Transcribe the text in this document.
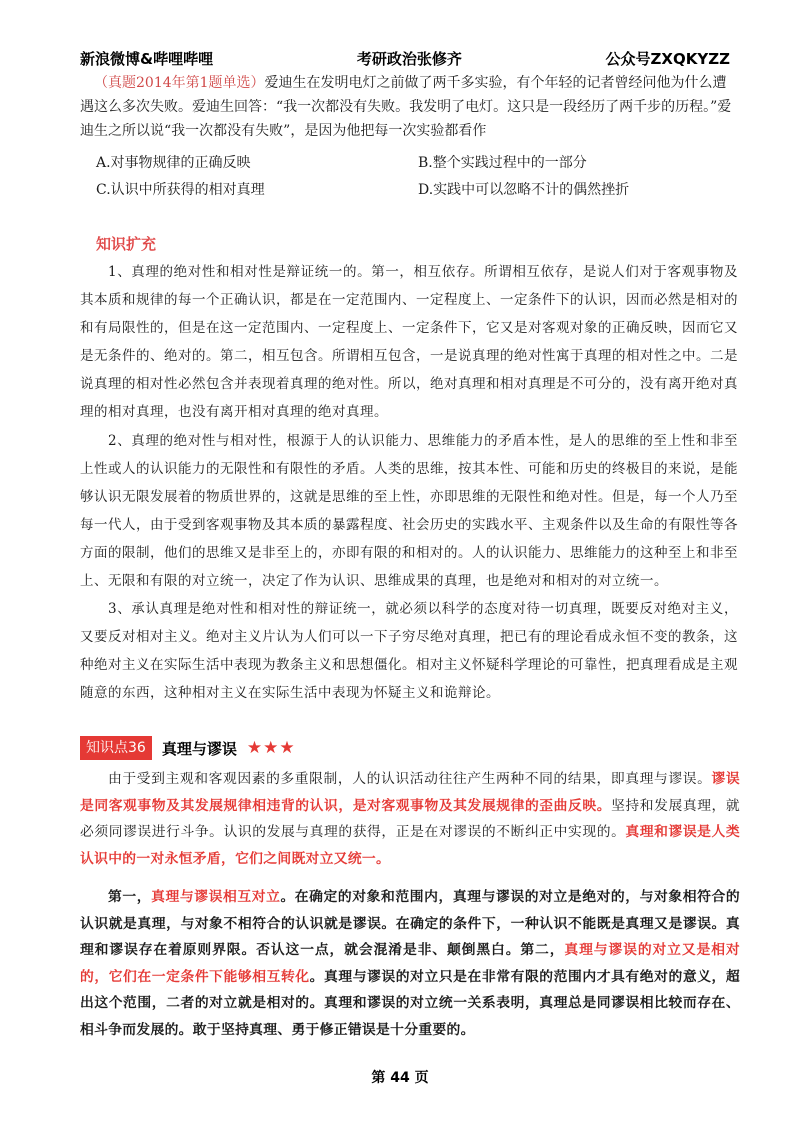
新浪微博&哔哩哔哩	考研政治张修齐	公众号ZXQKYZZ
（真题2014年第1题单选）爱迪生在发明电灯之前做了两千多实验，有个年轻的记者曾经问他为什么遭遇这么多次失败。爱迪生回答：“我一次都没有失败。我发明了电灯。这只是一段经历了两千步的历程。”爱迪生之所以说“我一次都没有失败”，是因为他把每一次实验都看作
A.对事物规律的正确反映	B.整个实践过程中的一部分
C.认识中所获得的相对真理	D.实践中可以忽略不计的偶然挫折
知识扩充

1、真理的绝对性和相对性是辩证统一的。第一，相互依存。所谓相互依存，是说人们对于客观事物及其本质和规律的每一个正确认识，都是在一定范围内、一定程度上、一定条件下的认识，因而必然是相对的和有局限性的，但是在这一定范围内、一定程度上、一定条件下，它又是对客观对象的正确反映，因而它又是无条件的、绝对的。第二，相互包含。所谓相互包含，一是说真理的绝对性寓于真理的相对性之中。二是说真理的相对性必然包含并表现着真理的绝对性。所以，绝对真理和相对真理是不可分的，没有离开绝对真理的相对真理，也没有离开相对真理的绝对真理。

2、真理的绝对性与相对性，根源于人的认识能力、思维能力的矛盾本性，是人的思维的至上性和非至上性或人的认识能力的无限性和有限性的矛盾。人类的思维，按其本性、可能和历史的终极目的来说，是能够认识无限发展着的物质世界的，这就是思维的至上性，亦即思维的无限性和绝对性。但是，每一个人乃至每一代人，由于受到客观事物及其本质的暴露程度、社会历史的实践水平、主观条件以及生命的有限性等各方面的限制，他们的思维又是非至上的，亦即有限的和相对的。人的认识能力、思维能力的这种至上和非至上、无限和有限的对立统一，决定了作为认识、思维成果的真理，也是绝对和相对的对立统一。

3、承认真理是绝对性和相对性的辩证统一，就必须以科学的态度对待一切真理，既要反对绝对主义，又要反对相对主义。绝对主义片认为人们可以一下子穷尽绝对真理，把已有的理论看成永恒不变的教条，这种绝对主义在实际生活中表现为教条主义和思想僵化。相对主义怀疑科学理论的可靠性，把真理看成是主观随意的东西，这种相对主义在实际生活中表现为怀疑主义和诡辩论。

知识点36	真理与谬误 ★★★

由于受到主观和客观因素的多重限制，人的认识活动往往产生两种不同的结果，即真理与谬误。谬误是同客观事物及其发展规律相违背的认识，是对客观事物及其发展规律的歪曲反映。坚持和发展真理，就必须同谬误进行斗争。认识的发展与真理的获得，正是在对谬误的不断纠正中实现的。真理和谬误是人类认识中的一对永恒矛盾，它们之间既对立又统一。

第一，真理与谬误相互对立。在确定的对象和范围内，真理与谬误的对立是绝对的，与对象相符合的认识就是真理，与对象不相符合的认识就是谬误。在确定的条件下，一种认识不能既是真理又是谬误。真理和谬误存在着原则界限。否认这一点，就会混淆是非、颠倒黑白。第二，真理与谬误的对立又是相对的，它们在一定条件下能够相互转化。真理与谬误的对立只是在非常有限的范围内才具有绝对的意义，超出这个范围，二者的对立就是相对的。真理和谬误的对立统一关系表明，真理总是同谬误相比较而存在、相斗争而发展的。敢于坚持真理、勇于修正错误是十分重要的。

第 44 页
